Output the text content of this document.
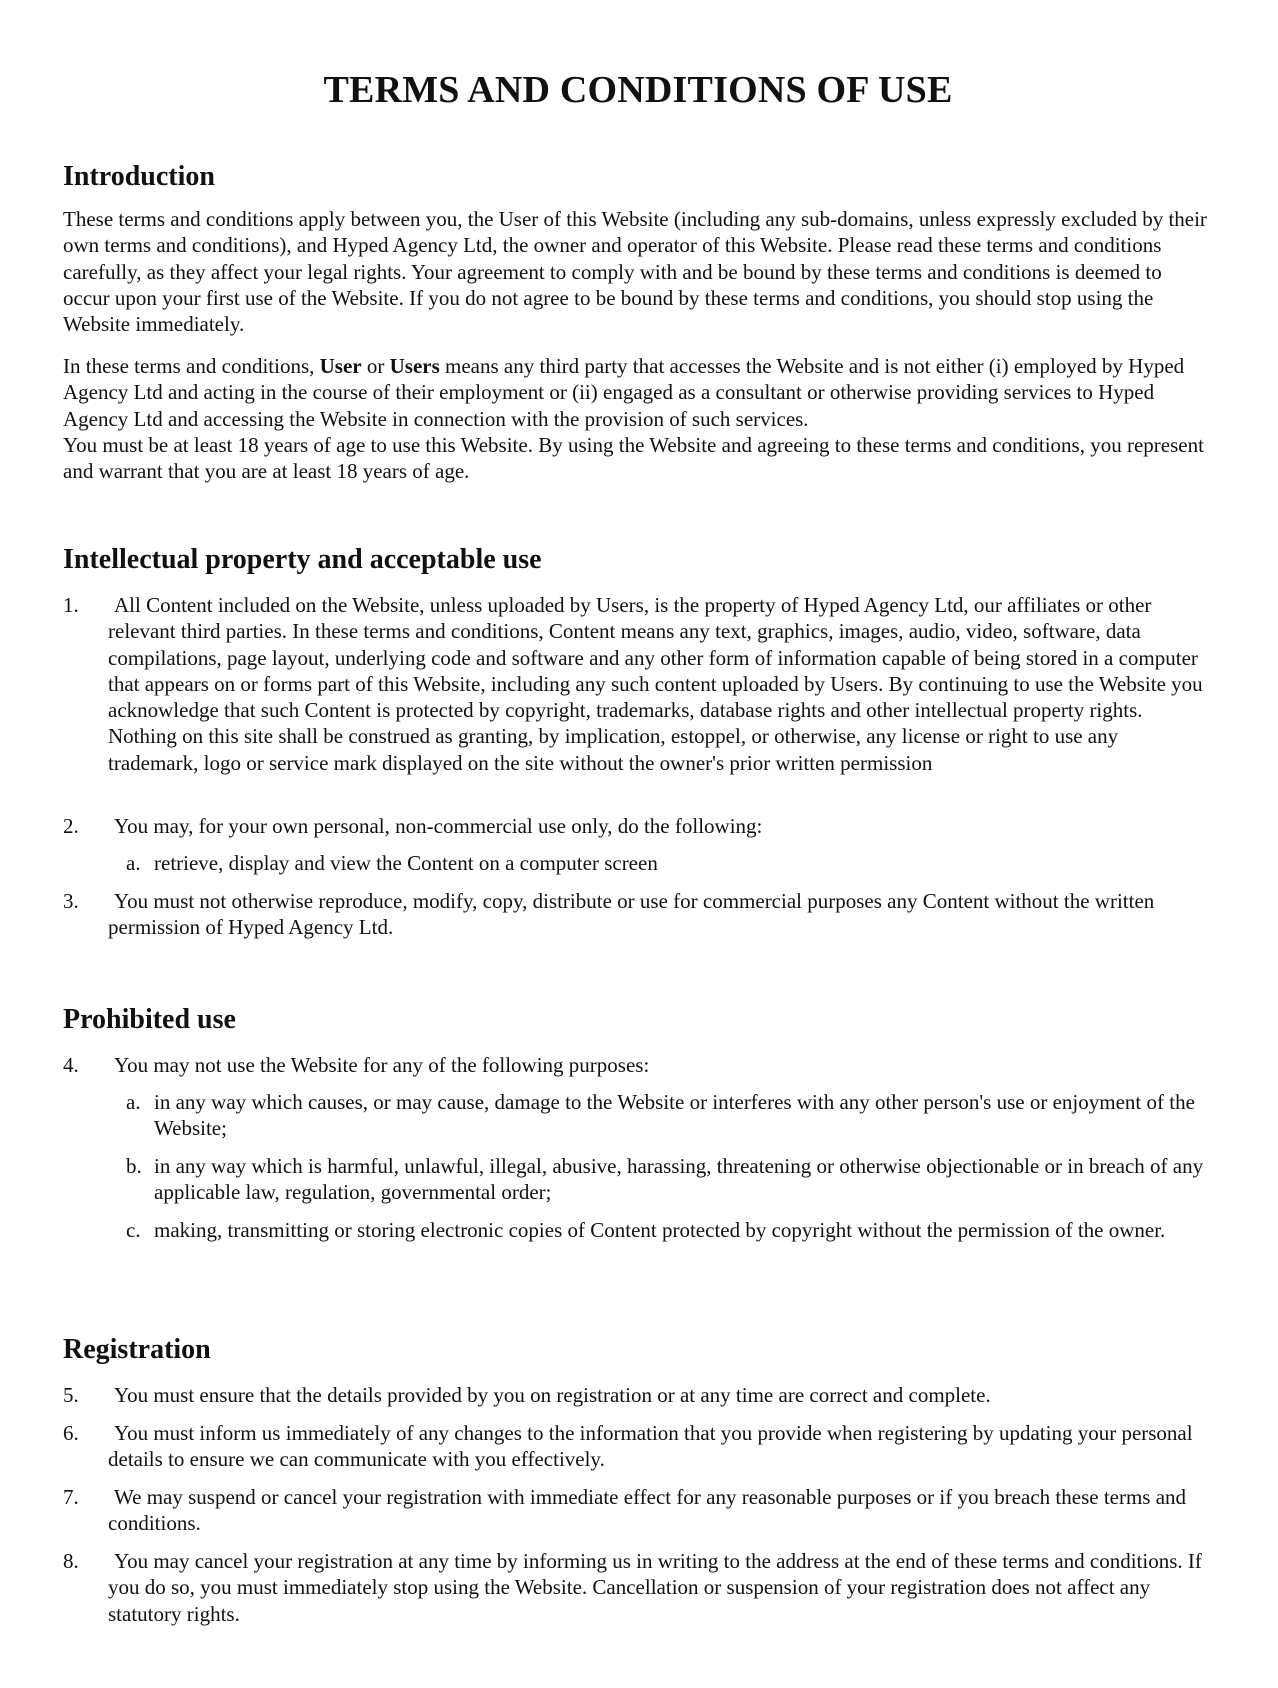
TERMS AND CONDITIONS OF USE
Introduction

These terms and conditions apply between you, the User of this Website (including any sub-domains, unless expressly excluded by their own terms and conditions), and Hyped Agency Ltd, the owner and operator of this Website. Please read these terms and conditions carefully, as they affect your legal rights. Your agreement to comply with and be bound by these terms and conditions is deemed to occur upon your first use of the Website. If you do not agree to be bound by these terms and conditions, you should stop using the Website immediately.

In these terms and conditions, User or Users means any third party that accesses the Website and is not either (i) employed by Hyped Agency Ltd and acting in the course of their employment or (ii) engaged as a consultant or otherwise providing services to Hyped Agency Ltd and accessing the Website in connection with the provision of such services.

You must be at least 18 years of age to use this Website. By using the Website and agreeing to these terms and conditions, you represent and warrant that you are at least 18 years of age.

Intellectual property and acceptable use
1.	All Content included on the Website, unless uploaded by Users, is the property of Hyped Agency Ltd, our affiliates or other relevant third parties. In these terms and conditions, Content means any text, graphics, images, audio, video, software, data compilations, page layout, underlying code and software and any other form of information capable of being stored in a computer that appears on or forms part of this Website, including any such content uploaded by Users. By continuing to use the Website you acknowledge that such Content is protected by copyright, trademarks, database rights and other intellectual property rights. Nothing on this site shall be construed as granting, by implication, estoppel, or otherwise, any license or right to use any trademark, logo or service mark displayed on the site without the owner's prior written permission
2.	You may, for your own personal, non-commercial use only, do the following:
a. retrieve, display and view the Content on a computer screen
3.	You must not otherwise reproduce, modify, copy, distribute or use for commercial purposes any Content without the written permission of Hyped Agency Ltd.
Prohibited use
4.	You may not use the Website for any of the following purposes:
a. in any way which causes, or may cause, damage to the Website or interferes with any other person's use or enjoyment of the Website;
b. in any way which is harmful, unlawful, illegal, abusive, harassing, threatening or otherwise objectionable or in breach of any applicable law, regulation, governmental order;
c. making, transmitting or storing electronic copies of Content protected by copyright without the permission of the owner.
Registration
5.	You must ensure that the details provided by you on registration or at any time are correct and complete.
6.	You must inform us immediately of any changes to the information that you provide when registering by updating your personal details to ensure we can communicate with you effectively.
7.	We may suspend or cancel your registration with immediate effect for any reasonable purposes or if you breach these terms and conditions.
8.	You may cancel your registration at any time by informing us in writing to the address at the end of these terms and conditions. If you do so, you must immediately stop using the Website. Cancellation or suspension of your registration does not affect any statutory rights.
